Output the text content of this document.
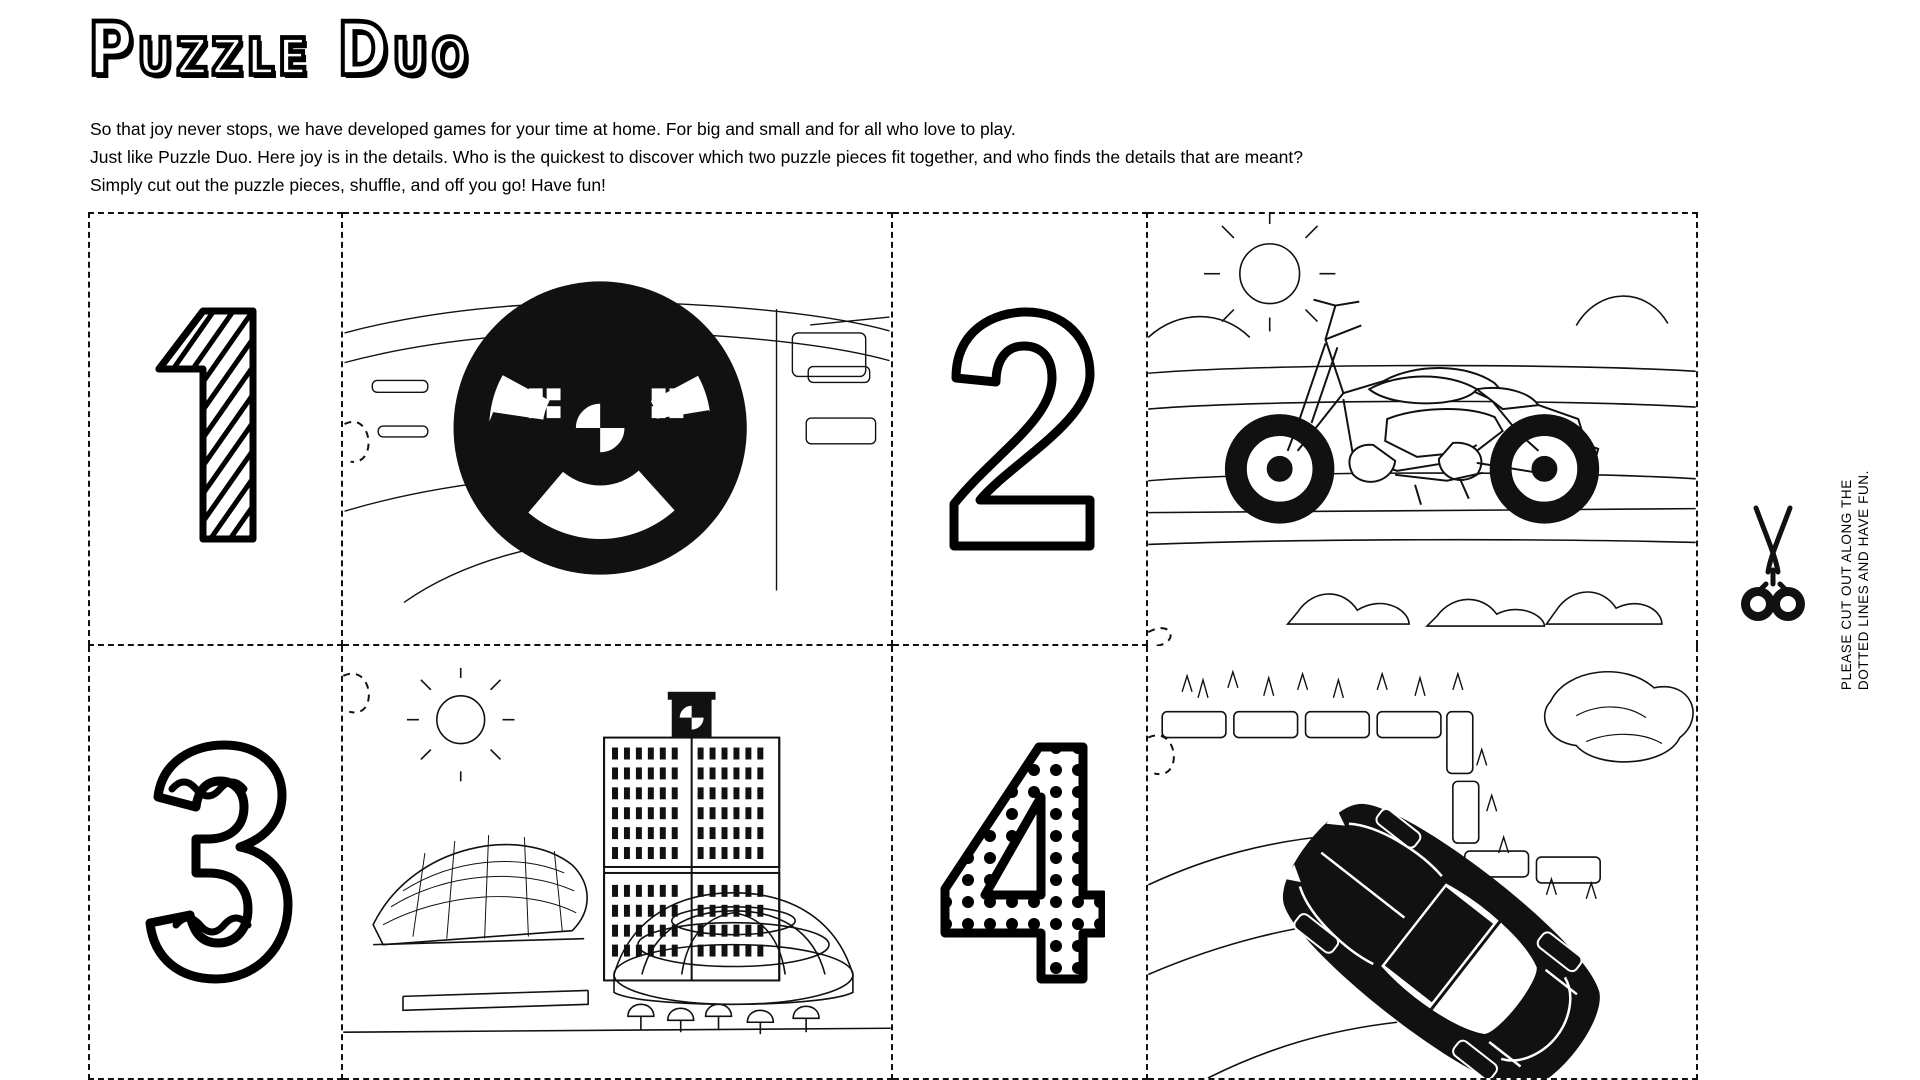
Puzzle Duo
So that joy never stops, we have developed games for your time at home. For big and small and for all who love to play.
Just like Puzzle Duo. Here joy is in the details. Who is the quickest to discover which two puzzle pieces fit together, and who finds the details that are meant?
Simply cut out the puzzle pieces, shuffle, and off you go! Have fun!
PLEASE CUT OUT ALONG THE DOTTED LINES AND HAVE FUN.
